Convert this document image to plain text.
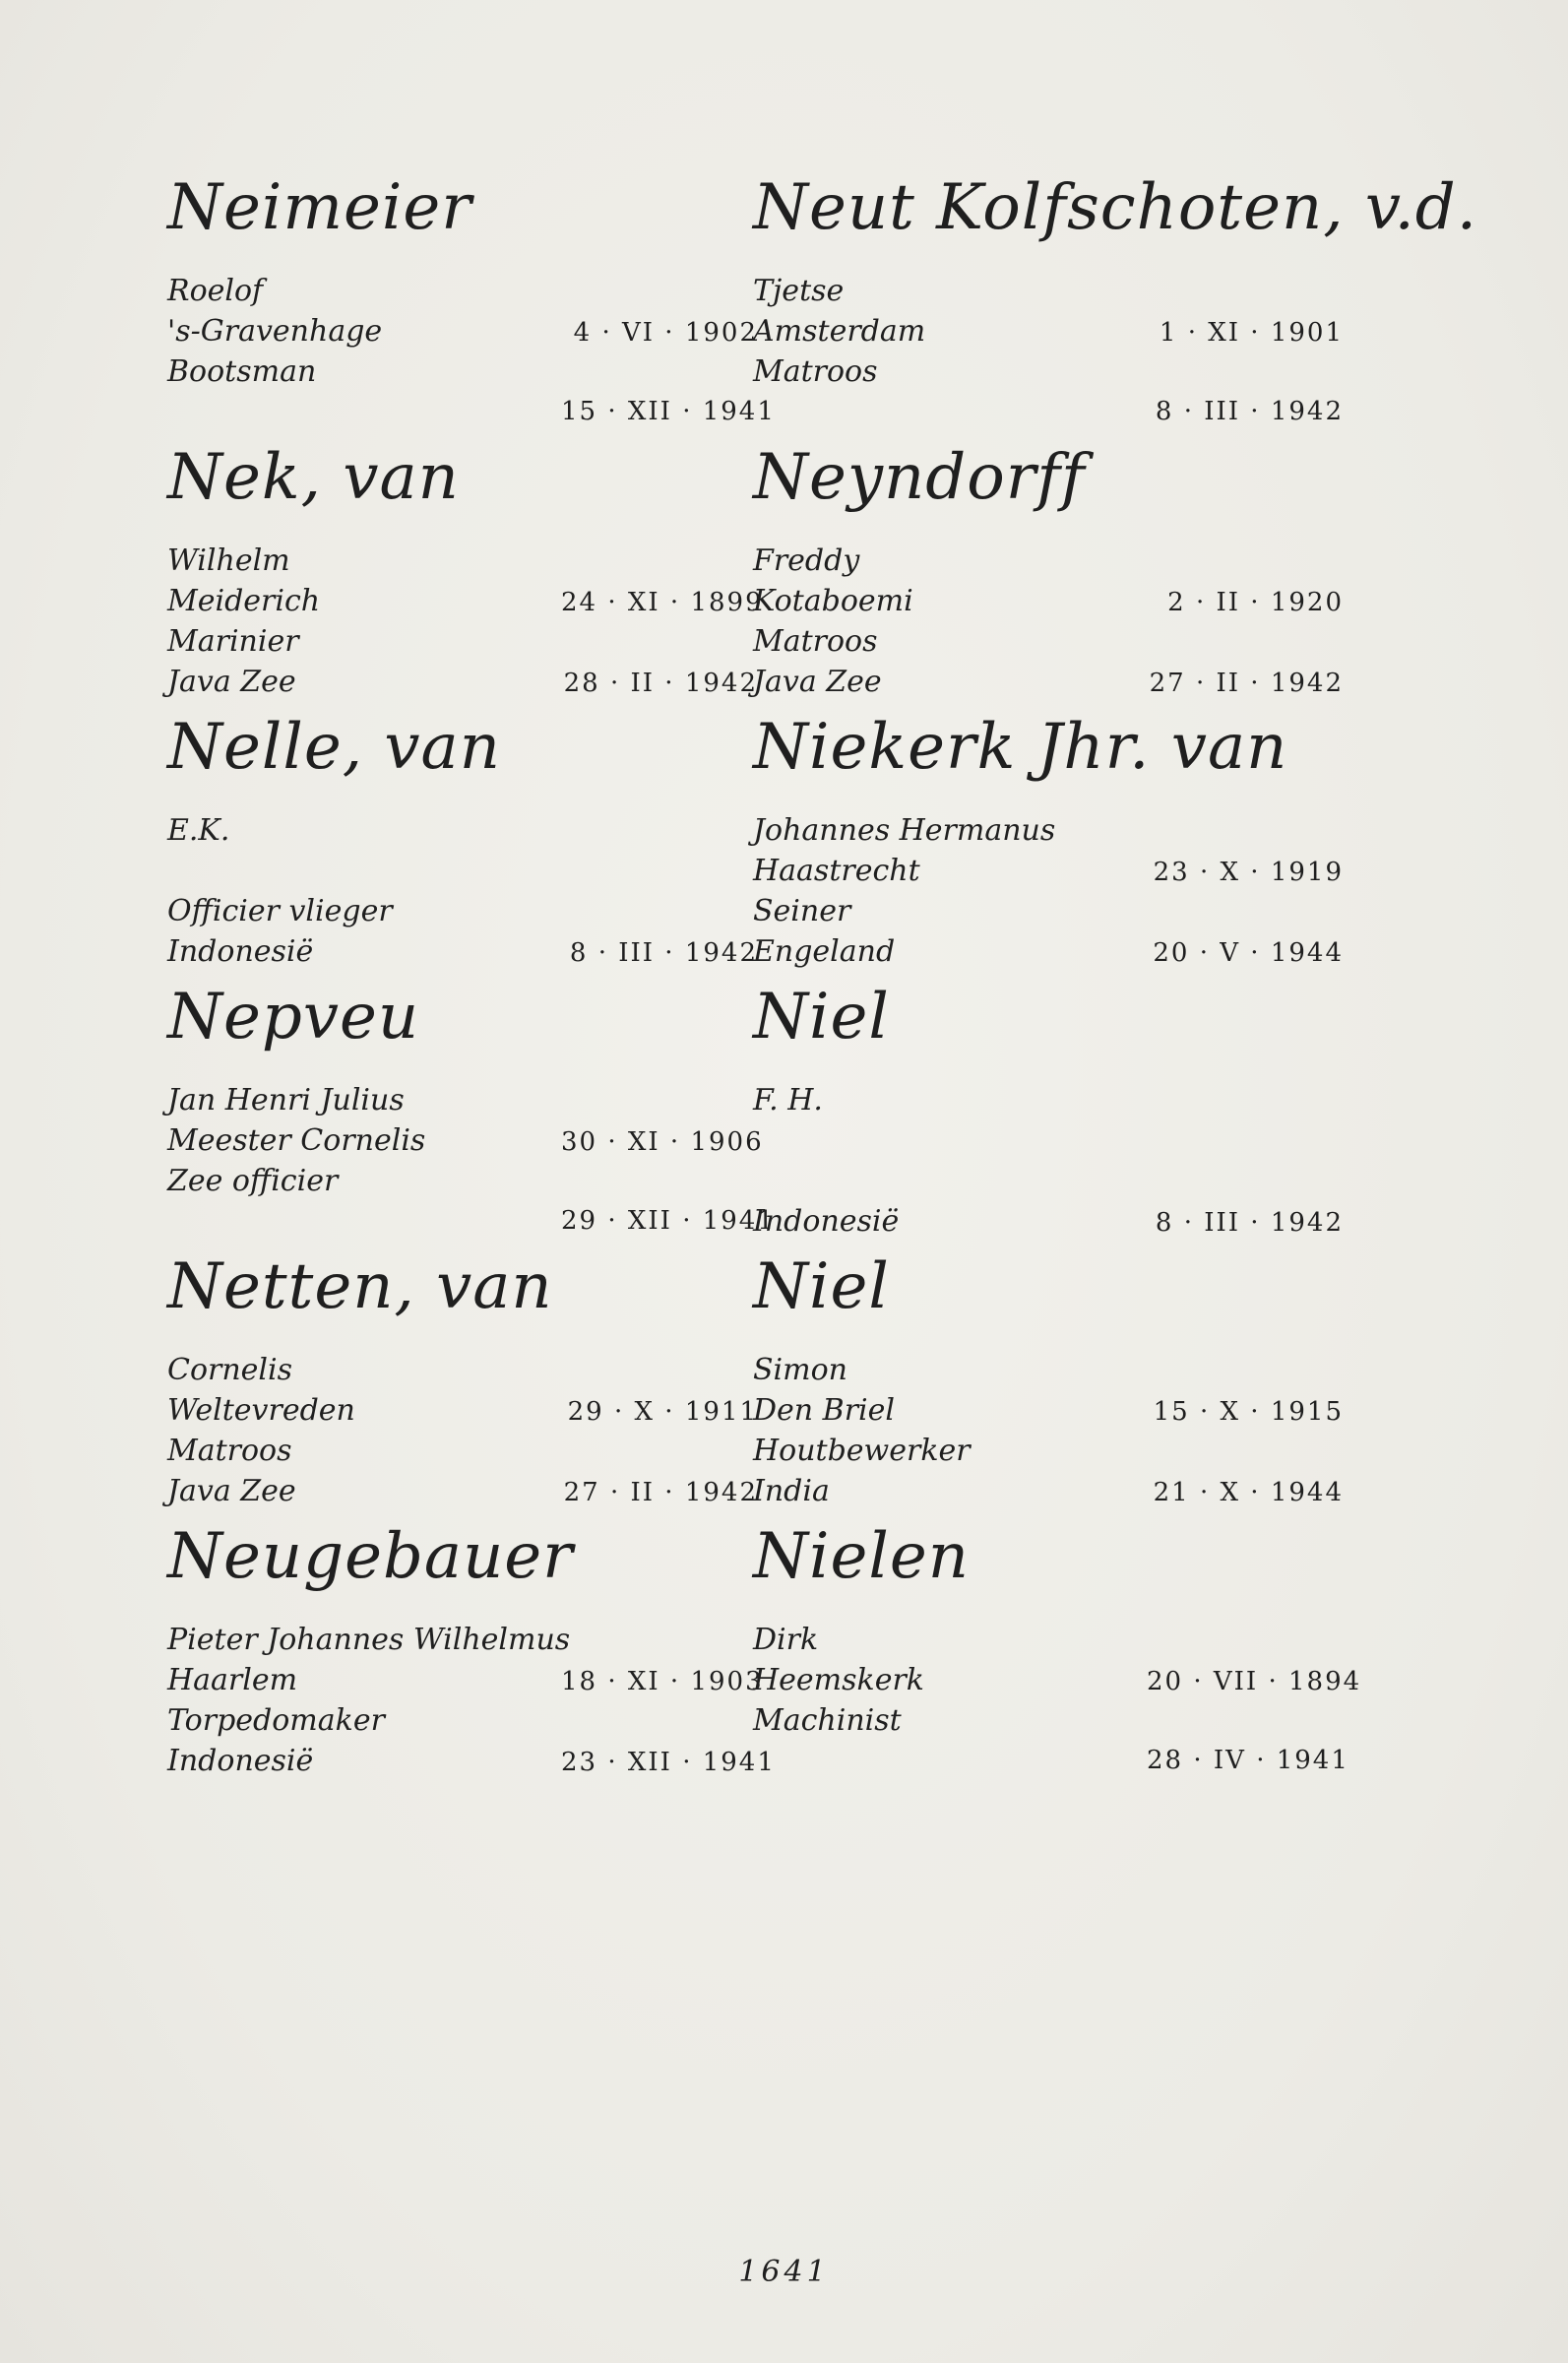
Neimeier
Roelof
's-Gravenhage	4 · VI · 1902
Bootsman
15 · XII · 1941
Nek, van
Wilhelm
Meiderich	24 · XI · 1899
Marinier
Java Zee	28 · II · 1942
Nelle, van
E.K.
Officier vlieger
Indonesië	8 · III · 1942
Nepveu
Jan Henri Julius
Meester Cornelis	30 · XI · 1906
Zee officier
29 · XII · 1941
Netten, van
Cornelis
Weltevreden	29 · X · 1911
Matroos
Java Zee	27 · II · 1942
Neugebauer
Pieter Johannes Wilhelmus
Haarlem	18 · XI · 1903
Torpedomaker
Indonesië	23 · XII · 1941
Neut Kolfschoten, v.d.
Tjetse
Amsterdam	1 · XI · 1901
Matroos
8 · III · 1942
Neyndorff
Freddy
Kotaboemi	2 · II · 1920
Matroos
Java Zee	27 · II · 1942
Niekerk Jhr. van
Johannes Hermanus
Haastrecht	23 · X · 1919
Seiner
Engeland	20 · V · 1944
Niel
F. H.
Indonesië	8 · III · 1942
Niel
Simon
Den Briel	15 · X · 1915
Houtbewerker
India	21 · X · 1944
Nielen
Dirk
Heemskerk	20 · VII · 1894
Machinist
28 · IV · 1941
1641
